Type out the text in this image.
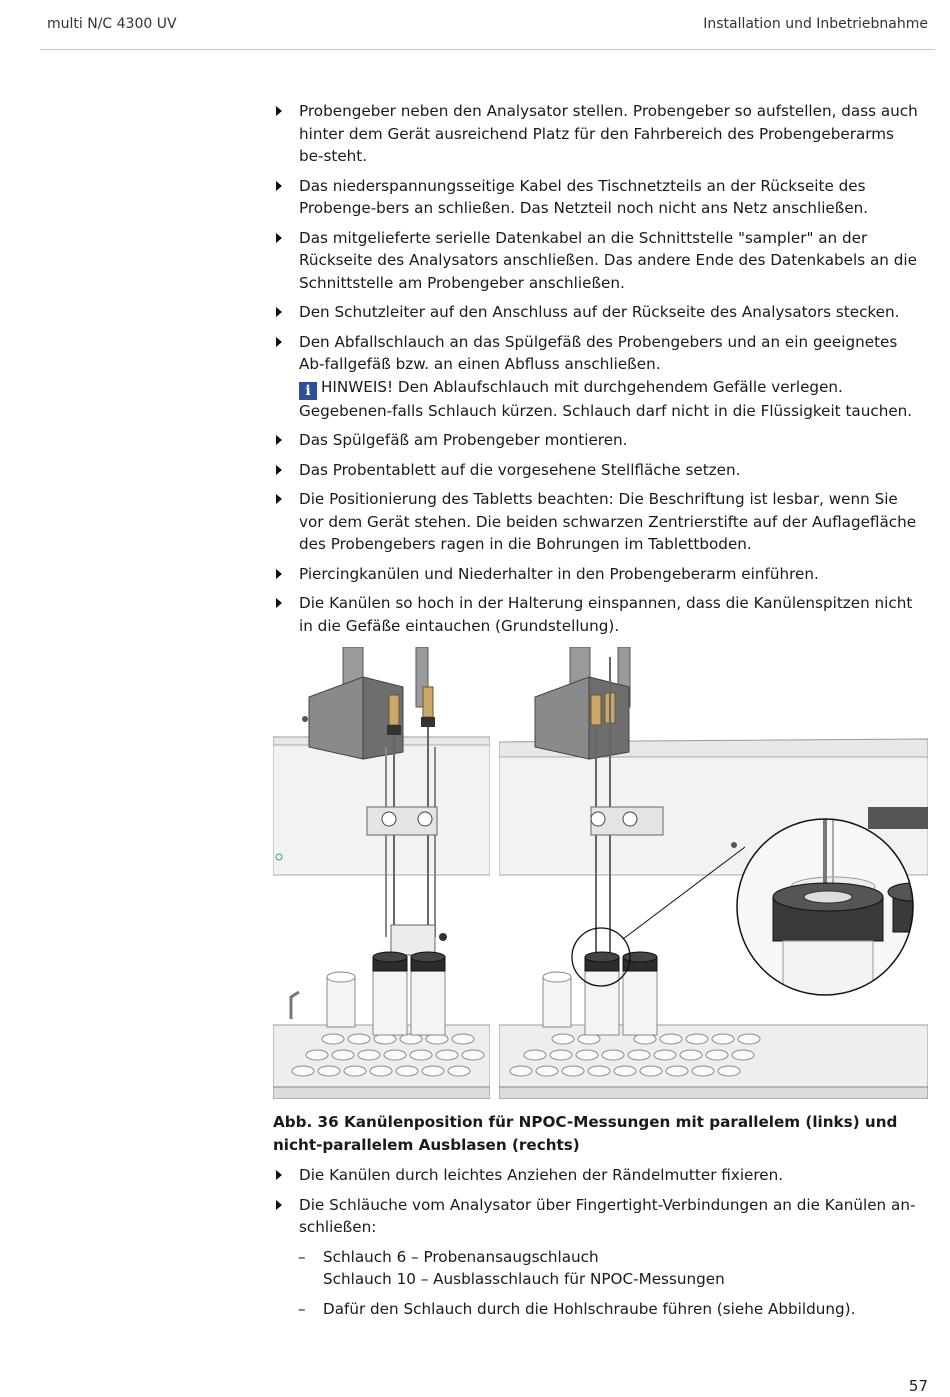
multi N/C 4300 UV	Installation und Inbetriebnahme
Probengeber neben den Analysator stellen. Probengeber so aufstellen, dass auch hinter dem Gerät ausreichend Platz für den Fahrbereich des Probengeberarms be-steht.
Das niederspannungsseitige Kabel des Tischnetzteils an der Rückseite des Probenge-bers an schließen. Das Netzteil noch nicht ans Netz anschließen.
Das mitgelieferte serielle Datenkabel an die Schnittstelle "sampler" an der Rückseite des Analysators anschließen. Das andere Ende des Datenkabels an die Schnittstelle am Probengeber anschließen.
Den Schutzleiter auf den Anschluss auf der Rückseite des Analysators stecken.
Den Abfallschlauch an das Spülgefäß des Probengebers und an ein geeignetes Ab-fallgefäß bzw. an einen Abfluss anschließen.
i HINWEIS! Den Ablaufschlauch mit durchgehendem Gefälle verlegen. Gegebenen-falls Schlauch kürzen. Schlauch darf nicht in die Flüssigkeit tauchen.
Das Spülgefäß am Probengeber montieren.
Das Probentablett auf die vorgesehene Stellfläche setzen.
Die Positionierung des Tabletts beachten: Die Beschriftung ist lesbar, wenn Sie vor dem Gerät stehen. Die beiden schwarzen Zentrierstifte auf der Auflagefläche des Probengebers ragen in die Bohrungen im Tablettboden.
Piercingkanülen und Niederhalter in den Probengeberarm einführen.
Die Kanülen so hoch in der Halterung einspannen, dass die Kanülenspitzen nicht in die Gefäße eintauchen (Grundstellung).
Abb. 36 Kanülenposition für NPOC-Messungen mit parallelem (links) und nicht-parallelem Ausblasen (rechts)
Die Kanülen durch leichtes Anziehen der Rändelmutter fixieren.
Die Schläuche vom Analysator über Fingertight-Verbindungen an die Kanülen an-schließen:
– Schlauch 6 – Probenansaugschlauch
Schlauch 10 – Ausblasschlauch für NPOC-Messungen
– Dafür den Schlauch durch die Hohlschraube führen (siehe Abbildung).
57
